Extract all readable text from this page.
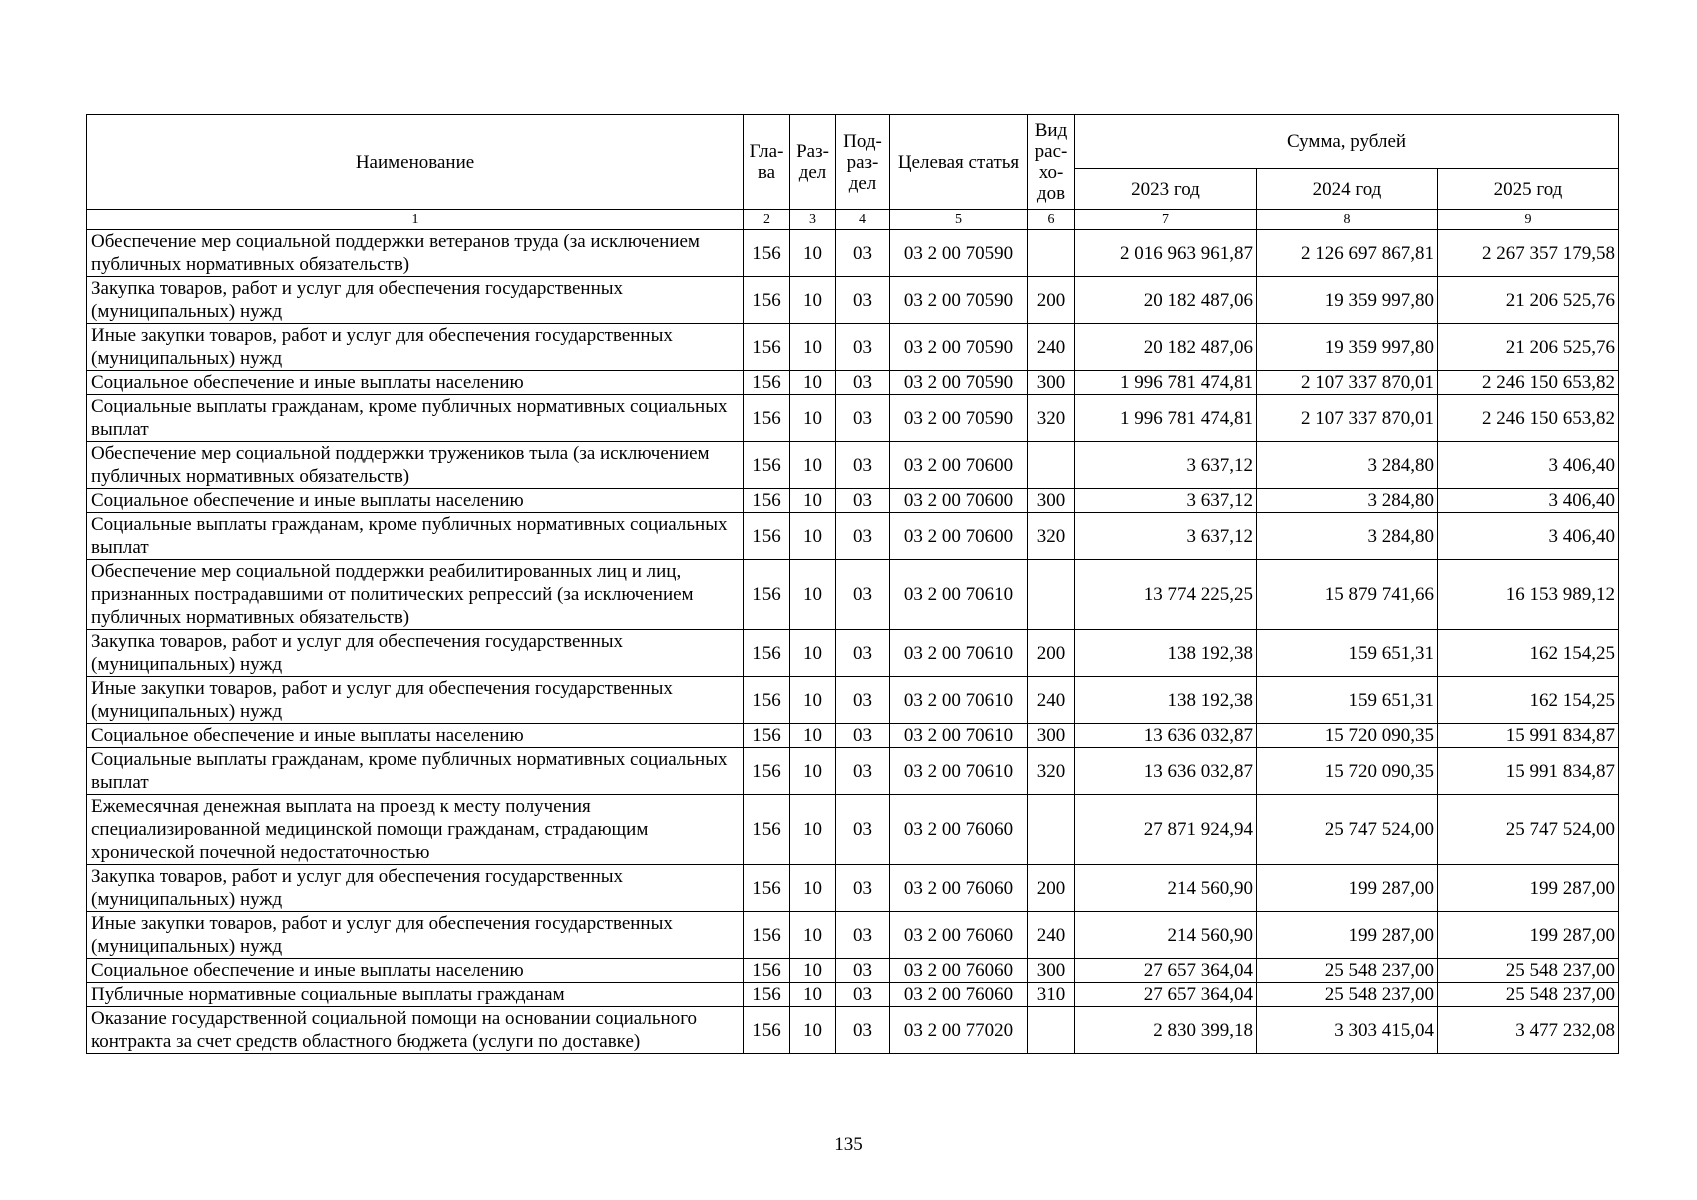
Наименование	Гла-ва	Раз-дел	Под-раз-дел	Целевая статья	Вид рас-хо-дов	Сумма, рублей		
						2023 год	2024 год	2025 год
1	2	3	4	5	6	7	8	9
Обеспечение мер социальной поддержки ветеранов труда (за исключением публичных нормативных обязательств)	156	10	03	03 2 00 70590		2 016 963 961,87	2 126 697 867,81	2 267 357 179,58
Закупка товаров, работ и услуг для обеспечения государственных (муниципальных) нужд	156	10	03	03 2 00 70590	200	20 182 487,06	19 359 997,80	21 206 525,76
Иные закупки товаров, работ и услуг для обеспечения государственных (муниципальных) нужд	156	10	03	03 2 00 70590	240	20 182 487,06	19 359 997,80	21 206 525,76
Социальное обеспечение и иные выплаты населению	156	10	03	03 2 00 70590	300	1 996 781 474,81	2 107 337 870,01	2 246 150 653,82
Социальные выплаты гражданам, кроме публичных нормативных социальных выплат	156	10	03	03 2 00 70590	320	1 996 781 474,81	2 107 337 870,01	2 246 150 653,82
Обеспечение мер социальной поддержки тружеников тыла (за исключением публичных нормативных обязательств)	156	10	03	03 2 00 70600		3 637,12	3 284,80	3 406,40
Социальное обеспечение и иные выплаты населению	156	10	03	03 2 00 70600	300	3 637,12	3 284,80	3 406,40
Социальные выплаты гражданам, кроме публичных нормативных социальных выплат	156	10	03	03 2 00 70600	320	3 637,12	3 284,80	3 406,40
Обеспечение мер социальной поддержки реабилитированных лиц и лиц, признанных пострадавшими от политических репрессий (за исключением публичных нормативных обязательств)	156	10	03	03 2 00 70610		13 774 225,25	15 879 741,66	16 153 989,12
Закупка товаров, работ и услуг для обеспечения государственных (муниципальных) нужд	156	10	03	03 2 00 70610	200	138 192,38	159 651,31	162 154,25
Иные закупки товаров, работ и услуг для обеспечения государственных (муниципальных) нужд	156	10	03	03 2 00 70610	240	138 192,38	159 651,31	162 154,25
Социальное обеспечение и иные выплаты населению	156	10	03	03 2 00 70610	300	13 636 032,87	15 720 090,35	15 991 834,87
Социальные выплаты гражданам, кроме публичных нормативных социальных выплат	156	10	03	03 2 00 70610	320	13 636 032,87	15 720 090,35	15 991 834,87
Ежемесячная денежная выплата на проезд к месту получения специализированной медицинской помощи гражданам, страдающим хронической почечной недостаточностью	156	10	03	03 2 00 76060		27 871 924,94	25 747 524,00	25 747 524,00
Закупка товаров, работ и услуг для обеспечения государственных (муниципальных) нужд	156	10	03	03 2 00 76060	200	214 560,90	199 287,00	199 287,00
Иные закупки товаров, работ и услуг для обеспечения государственных (муниципальных) нужд	156	10	03	03 2 00 76060	240	214 560,90	199 287,00	199 287,00
Социальное обеспечение и иные выплаты населению	156	10	03	03 2 00 76060	300	27 657 364,04	25 548 237,00	25 548 237,00
Публичные нормативные социальные выплаты гражданам	156	10	03	03 2 00 76060	310	27 657 364,04	25 548 237,00	25 548 237,00
Оказание государственной социальной помощи на основании социального контракта за счет средств областного бюджета (услуги по доставке)	156	10	03	03 2 00 77020		2 830 399,18	3 303 415,04	3 477 232,08
135
